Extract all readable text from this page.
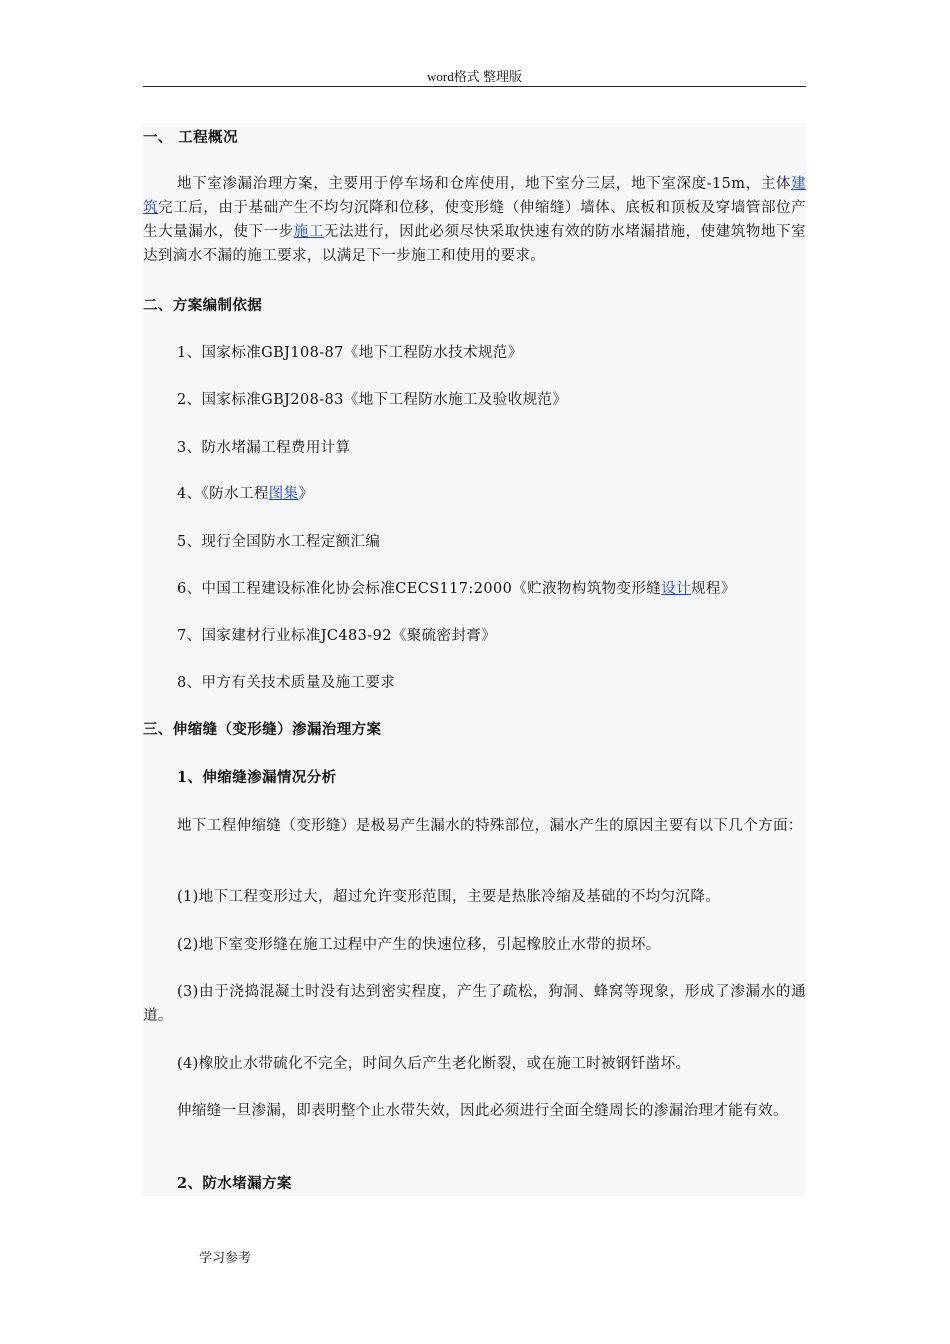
word格式 整理版

一、 工程概况

地下室渗漏治理方案，主要用于停车场和仓库使用，地下室分三层，地下室深度-15m，主体建筑完工后，由于基础产生不均匀沉降和位移，使变形缝（伸缩缝）墙体、底板和顶板及穿墙管部位产生大量漏水，使下一步施工无法进行，因此必须尽快采取快速有效的防水堵漏措施，使建筑物地下室达到滴水不漏的施工要求，以满足下一步施工和使用的要求。

二、方案编制依据

1、国家标准GBJ108-87《地下工程防水技术规范》

2、国家标准GBJ208-83《地下工程防水施工及验收规范》

3、防水堵漏工程费用计算

4、《防水工程图集》

5、现行全国防水工程定额汇编

6、中国工程建设标准化协会标准CECS117:2000《贮液物构筑物变形缝设计规程》

7、国家建材行业标准JC483-92《聚硫密封膏》

8、甲方有关技术质量及施工要求

三、伸缩缝（变形缝）渗漏治理方案

1、伸缩缝渗漏情况分析

地下工程伸缩缝（变形缝）是极易产生漏水的特殊部位，漏水产生的原因主要有以下几个方面：

(1)地下工程变形过大，超过允许变形范围，主要是热胀冷缩及基础的不均匀沉降。

(2)地下室变形缝在施工过程中产生的快速位移，引起橡胶止水带的损坏。

(3)由于浇捣混凝土时没有达到密实程度，产生了疏松，狗洞、蜂窝等现象，形成了渗漏水的通道。

(4)橡胶止水带硫化不完全，时间久后产生老化断裂，或在施工时被钢钎凿坏。

伸缩缝一旦渗漏，即表明整个止水带失效，因此必须进行全面全缝周长的渗漏治理才能有效。

2、防水堵漏方案

学习参考
